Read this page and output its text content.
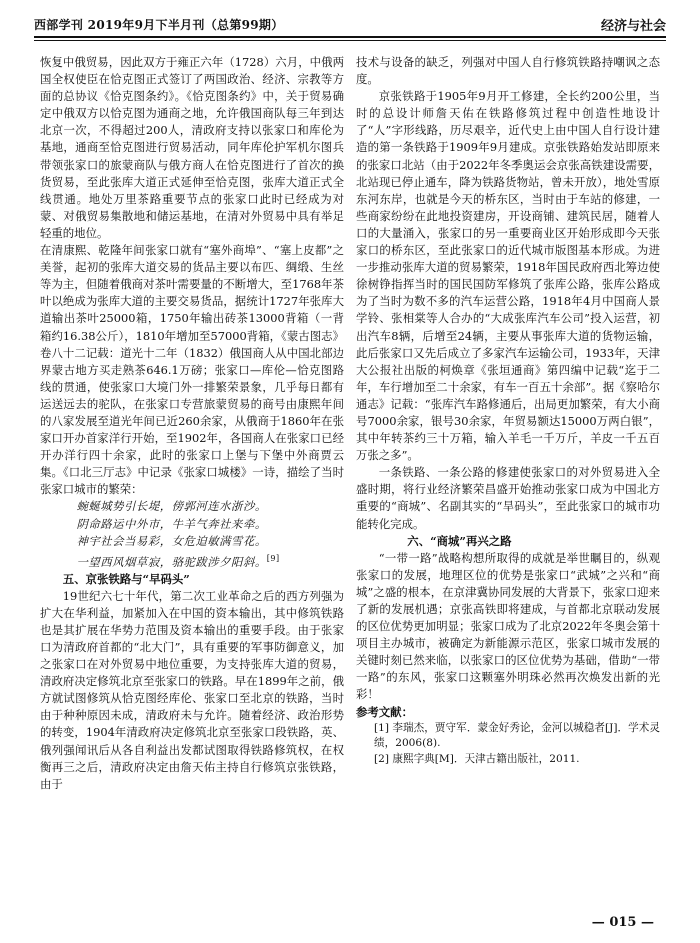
西部学刊 2019年9月下半月刊（总第99期）	经济与社会

恢复中俄贸易，因此双方于雍正六年（1728）六月，中俄两国全权使臣在恰克图正式签订了两国政治、经济、宗教等方面的总协议《恰克图条约》。《恰克图条约》中，关于贸易确定中俄双方以恰克图为通商之地，允许俄国商队每三年到达北京一次，不得超过200人，清政府支持以张家口和库伦为基地，通商至恰克图进行贸易活动，同年库伦护军机尔图兵带领张家口的旅蒙商队与俄方商人在恰克图进行了首次的换货贸易，至此张库大道正式延伸至恰克图，张库大道正式全线贯通。地处万里茶路重要节点的张家口此时已经成为对蒙、对俄贸易集散地和储运基地，在清对外贸易中具有举足轻重的地位。

在清康熙、乾隆年间张家口就有“塞外商埠”、“塞上皮都”之美誉，起初的张库大道交易的货品主要以布匹、绸缎、生丝等为主，但随着俄商对茶叶需要量的不断增大，至1768年茶叶以绝成为张库大道的主要交易货品，据统计1727年张库大道输出茶叶25000箱，1750年输出砖茶13000背箱（一背箱约16.38公斤），1810年增加至57000背箱，《蒙古图志》卷八十二记载：道光十二年（1832）俄国商人从中国北部边界蒙古地方买走熟茶646.1万磅；张家口—库伦—恰克图路线的贯通，使张家口大境门外一排繁荣景象，几乎每日都有运送远去的驼队，在张家口专营旅蒙贸易的商号由康熙年间的八家发展至道光年间已近260余家，从俄商于1860年在张家口开办首家洋行开始，至1902年，各国商人在张家口已经开办洋行四十余家，此时的张家口上堡与下堡中外商贾云集。《口北三厅志》中记录《张家口城楼》一诗，描绘了当时张家口城市的繁荣：

蜿蜒城势引长堤，傍郭河连水浙沙。

阴命路运中外市，牛羊气奔社来牵。

神宇社会当易彩，女危迫敏满雪花。

一望西风烟草寂，骆驼跋涉夕阳斜。[9]

五、京张铁路与“早码头”

19世纪六七十年代，第二次工业革命之后的西方列强为扩大在华利益，加紧加入在中国的资本输出，其中修筑铁路也是其扩展在华势力范围及资本输出的重要手段。由于张家口为清政府首都的“北大门”，具有重要的军事防御意义，加之张家口在对外贸易中地位重要，为支持张库大道的贸易，清政府决定修筑北京至张家口的铁路。早在1899年之前，俄方就试图修筑从恰克图经库伦、张家口至北京的铁路，当时由于种种原因未成，清政府未与允许。随着经济、政治形势的转变，1904年清政府决定修筑北京至张家口段铁路，英、俄列强闻讯后从各自利益出发都试图取得铁路修筑权，在权衡再三之后，清政府决定由詹天佑主持自行修筑京张铁路，由于

技术与设备的缺乏，列强对中国人自行修筑铁路持嘲讽之态度。

京张铁路于1905年9月开工修建，全长约200公里，当时的总设计师詹天佑在铁路修筑过程中创造性地设计了“人”字形线路，历尽艰辛，近代史上由中国人自行设计建造的第一条铁路于1909年9月建成。京张铁路始发站即原来的张家口北站（由于2022年冬季奥运会京张高铁建设需要，北站现已停止通车，降为铁路货物站，曾未开放），地处雪原东河东岸，也就是今天的桥东区，当时由于车站的修建，一些商家纷纷在此地投资建房，开设商铺、建筑民居，随着人口的大量涌入，张家口的另一重要商业区开始形成即今天张家口的桥东区，至此张家口的近代城市版图基本形成。为进一步推动张库大道的贸易繁荣，1918年国民政府西北筹边使徐树铮指挥当时的国民国防军修筑了张库公路，张库公路成为了当时为数不多的汽车运营公路，1918年4月中国商人景学铃、张相棠等人合办的“大成张库汽车公司”投入运营，初出汽车8辆，后增至24辆，主要从事张库大道的货物运输，此后张家口又先后成立了多家汽车运输公司，1933年，天津大公报社出版的柯焕章《张垣通商》第四编中记载“迄于二年，车行增加至二十余家，有车一百五十余部”。据《察哈尔通志》记载：“张库汽车路修通后，出局更加繁荣，有大小商号7000余家，银号30余家，年贸易额达15000万两白银”，其中年转茶约三十万箱，输入羊毛一千万斤，羊皮一千五百万张之多”。

一条铁路、一条公路的修建使张家口的对外贸易进入全盛时期，将行业经济繁荣昌盛开始推动张家口成为中国北方重要的“商城”、名副其实的“旱码头”，至此张家口的城市功能转化完成。

六、“商城”再兴之路

“一带一路”战略构想所取得的成就是举世瞩目的，纵观张家口的发展，地理区位的优势是张家口“武城”之兴和“商城”之盛的根本，在京津冀协同发展的大背景下，张家口迎来了新的发展机遇；京张高铁即将建成，与首都北京联动发展的区位优势更加明显；张家口成为了北京2022年冬奥会第十项目主办城市，被确定为新能源示范区，张家口城市发展的关键时刻已然来临，以张家口的区位优势为基础，借助“一带一路”的东风，张家口这颗塞外明珠必然再次焕发出新的光彩！

参考文献：

[1] 李瑞杰，贾守军．蒙金好秀论，金河以城稳者[J]．学术灵绩，2006(8).

[2] 康熙字典[M]．天津古籍出版社，2011.

— 015 —
